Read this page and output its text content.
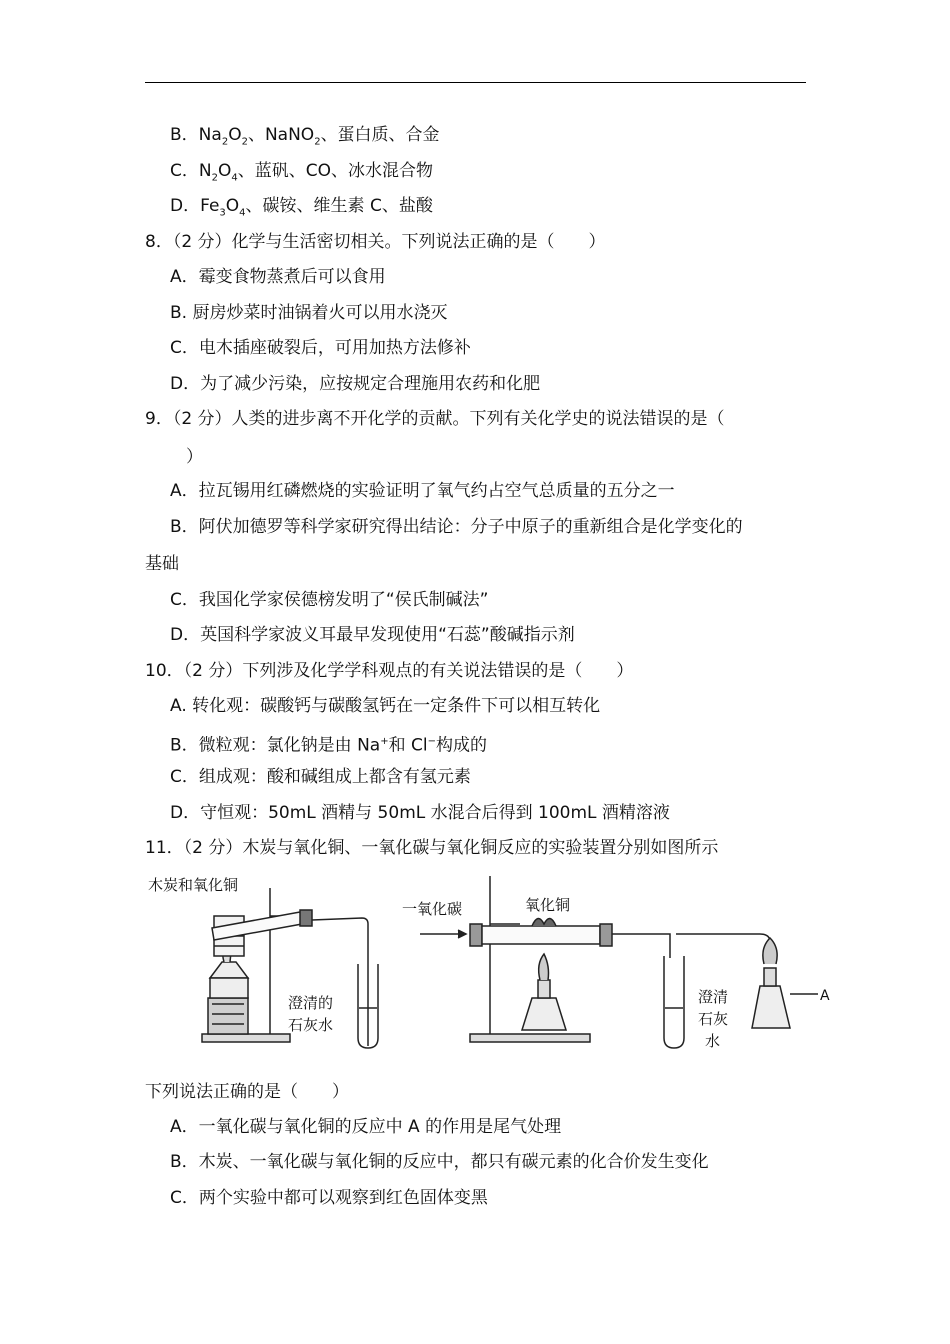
B．$Na_2O_2$、NaNO$_2$、蛋白质、合金
C．$N_2O_4$、蓝矾、CO、冰水混合物
D．$Fe_3O_4$、碳铵、维生素 C、盐酸
8．（2 分）化学与生活密切相关。下列说法正确的是（　　）
A．霉变食物蒸煮后可以食用
B. 厨房炒菜时油锅着火可以用水浇灭
C．电木插座破裂后，可用加热方法修补
D．为了减少污染，应按规定合理施用农药和化肥
9．（2 分）人类的进步离不开化学的贡献。下列有关化学史的说法错误的是（
）
A．拉瓦锡用红磷燃烧的实验证明了氧气约占空气总质量的五分之一
B．阿伏加德罗等科学家研究得出结论：分子中原子的重新组合是化学变化的
基础
C．我国化学家侯德榜发明了“侯氏制碱法”
D．英国科学家波义耳最早发现使用“石蕊”酸碱指示剂
10．（2 分）下列涉及化学学科观点的有关说法错误的是（　　）
A. 转化观：碳酸钙与碳酸氢钙在一定条件下可以相互转化
B．微粒观：氯化钠是由 Na+和 Cl−构成的
C．组成观：酸和碱组成上都含有氢元素
D．守恒观：50mL 酒精与 50mL 水混合后得到 100mL 酒精溶液
11．（2 分）木炭与氧化铜、一氧化碳与氧化铜反应的实验装置分别如图所示
木炭和氧化铜
澄清的
石灰水
一氧化碳	氧化铜
澄清
石灰
水
A
下列说法正确的是（　　）
A．一氧化碳与氧化铜的反应中 A 的作用是尾气处理
B．木炭、一氧化碳与氧化铜的反应中，都只有碳元素的化合价发生变化
C．两个实验中都可以观察到红色固体变黑
